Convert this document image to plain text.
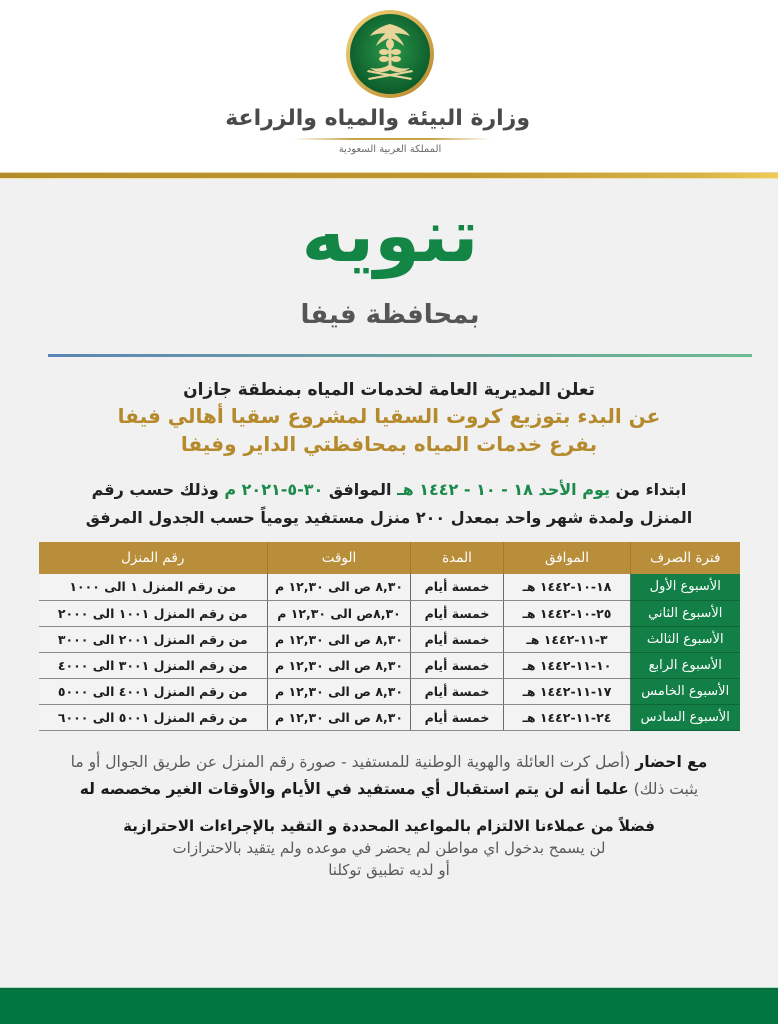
وزارة البيئة والمياه والزراعة
المملكة العربية السعودية
تنويه
بمحافظة فيفا
تعلن المديرية العامة لخدمات المياه بمنطقة جازان
عن البدء بتوزيع كروت السقيا لمشروع سقيا أهالي فيفا
بفرع خدمات المياه بمحافظتي الداير وفيفا
ابتداء من يوم الأحد ١٨ - ١٠ - ١٤٤٢ هـ الموافق ٣٠-٥-٢٠٢١ م وذلك حسب رقم
المنزل ولمدة شهر واحد بمعدل ٢٠٠ منزل مستفيد يومياً حسب الجدول المرفق
فترة الصرف	الموافق	المدة	الوقت	رقم المنزل
الأسبوع الأول	١٨-١٠-١٤٤٢ هـ	خمسة أيام	٨,٣٠ ص الى ١٢,٣٠ م	من رقم المنزل ١ الى ١٠٠٠
الأسبوع الثاني	٢٥-١٠-١٤٤٢ هـ	خمسة أيام	٨,٣٠ص الى ١٢,٣٠ م	من رقم المنزل ١٠٠١ الى ٢٠٠٠
الأسبوع الثالث	٣-١١-١٤٤٢ هـ	خمسة أيام	٨,٣٠ ص الى ١٢,٣٠ م	من رقم المنزل ٢٠٠١ الى ٣٠٠٠
الأسبوع الرابع	١٠-١١-١٤٤٢ هـ	خمسة أيام	٨,٣٠ ص الى ١٢,٣٠ م	من رقم المنزل ٣٠٠١ الى ٤٠٠٠
الأسبوع الخامس	١٧-١١-١٤٤٢ هـ	خمسة أيام	٨,٣٠ ص الى ١٢,٣٠ م	من رقم المنزل ٤٠٠١ الى ٥٠٠٠
الأسبوع السادس	٢٤-١١-١٤٤٢ هـ	خمسة أيام	٨,٣٠ ص الى ١٢,٣٠ م	من رقم المنزل ٥٠٠١ الى ٦٠٠٠
مع احضار (أصل كرت العائلة والهوية الوطنية للمستفيد - صورة رقم المنزل عن طريق الجوال أو ما يثبت ذلك) علما أنه لن يتم استقبال أي مستفيد في الأيام والأوقات الغير مخصصه له
فضلاً من عملاءنا الالتزام بالمواعيد المحددة و التقيد بالإجراءات الاحترازية
لن يسمح بدخول اي مواطن لم يحضر في موعده ولم يتقيد بالاحترازات
أو لديه تطبيق توكلنا
